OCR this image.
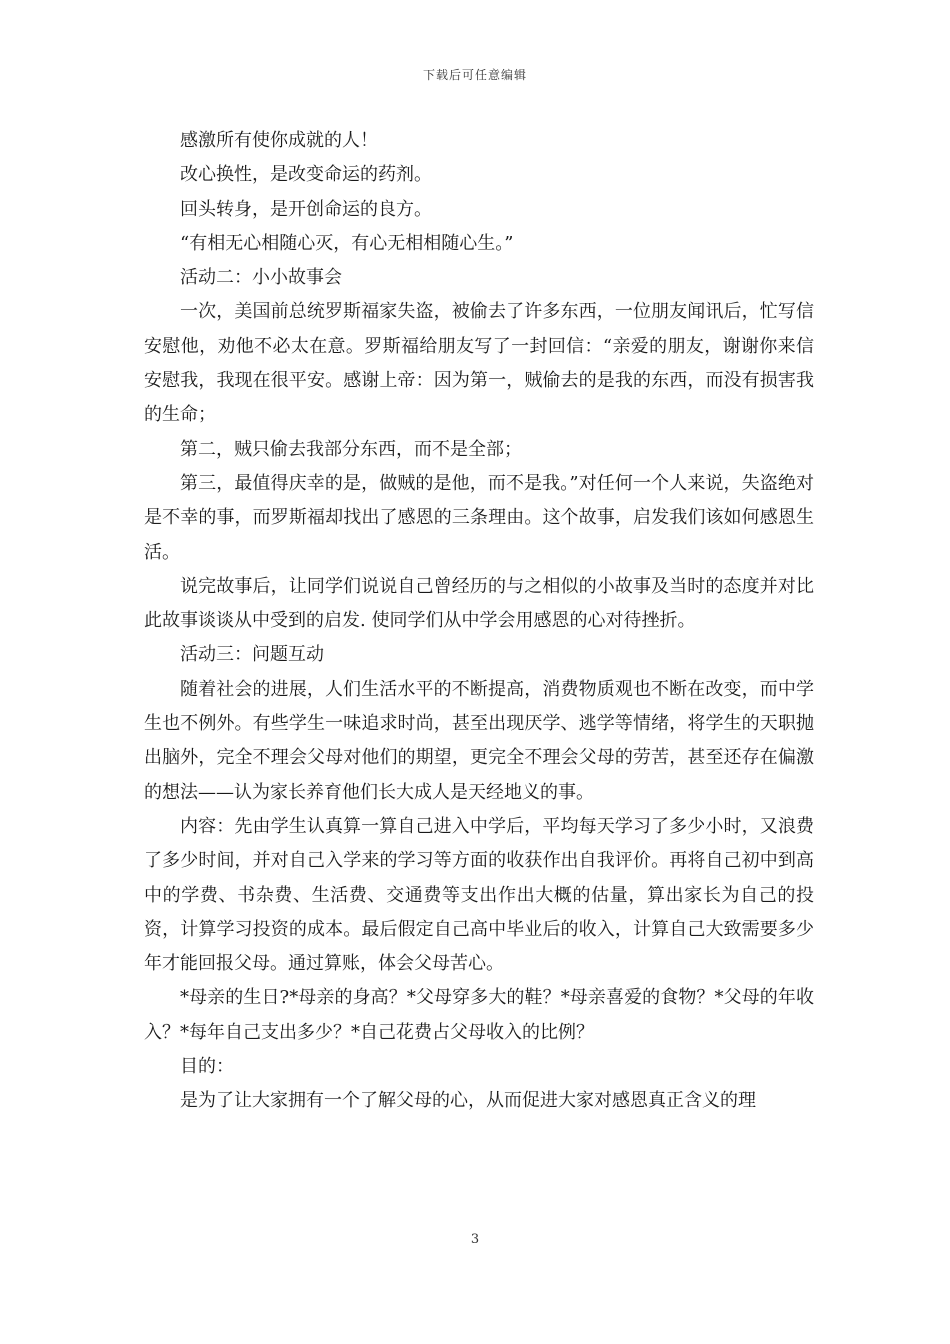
下载后可任意编辑

感激所有使你成就的人！

改心换性，是改变命运的药剂。

回头转身，是开创命运的良方。

“有相无心相随心灭，有心无相相随心生。”

活动二：小小故事会

一次，美国前总统罗斯福家失盗，被偷去了许多东西，一位朋友闻讯后，忙写信安慰他，劝他不必太在意。罗斯福给朋友写了一封回信：“亲爱的朋友，谢谢你来信安慰我，我现在很平安。感谢上帝：因为第一，贼偷去的是我的东西，而没有损害我的生命；

第二，贼只偷去我部分东西，而不是全部；

第三，最值得庆幸的是，做贼的是他，而不是我。”对任何一个人来说，失盗绝对是不幸的事，而罗斯福却找出了感恩的三条理由。这个故事，启发我们该如何感恩生活。

说完故事后，让同学们说说自己曾经历的与之相似的小故事及当时的态度并对比此故事谈谈从中受到的启发. 使同学们从中学会用感恩的心对待挫折。

活动三：问题互动

随着社会的进展，人们生活水平的不断提高，消费物质观也不断在改变，而中学生也不例外。有些学生一味追求时尚，甚至出现厌学、逃学等情绪，将学生的天职抛出脑外，完全不理会父母对他们的期望，更完全不理会父母的劳苦，甚至还存在偏激的想法——认为家长养育他们长大成人是天经地义的事。

内容：先由学生认真算一算自己进入中学后，平均每天学习了多少小时，又浪费了多少时间，并对自己入学来的学习等方面的收获作出自我评价。再将自己初中到高中的学费、书杂费、生活费、交通费等支出作出大概的估量，算出家长为自己的投资，计算学习投资的成本。最后假定自己高中毕业后的收入，计算自己大致需要多少年才能回报父母。通过算账，体会父母苦心。

*母亲的生日?*母亲的身高？*父母穿多大的鞋？*母亲喜爱的食物？*父母的年收入？*每年自己支出多少？*自己花费占父母收入的比例？

目的：

是为了让大家拥有一个了解父母的心，从而促进大家对感恩真正含义的理

3
